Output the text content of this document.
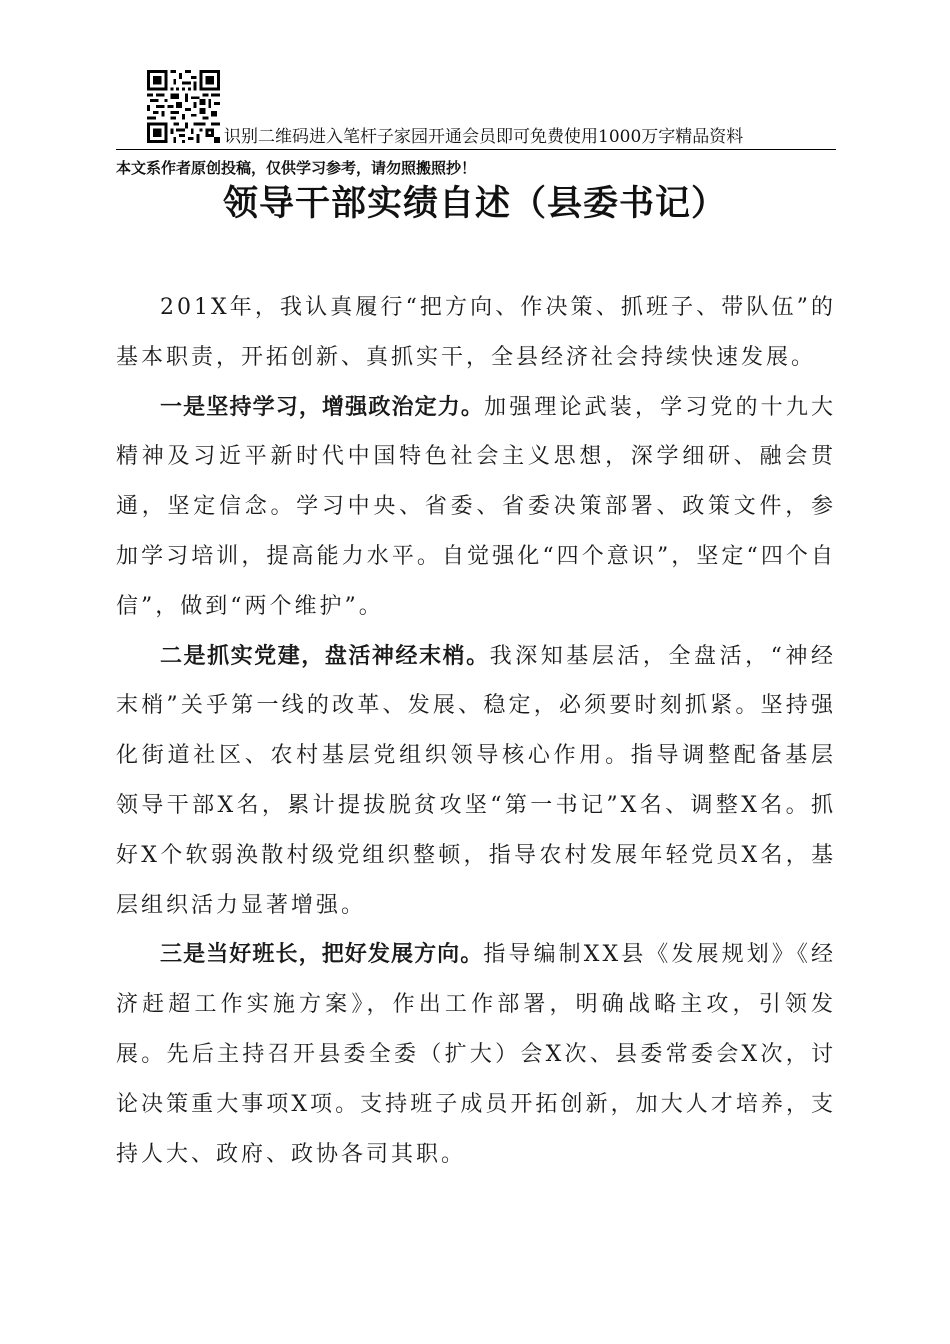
识别二维码进入笔杆子家园开通会员即可免费使用1000万字精品资料
本文系作者原创投稿，仅供学习参考，请勿照搬照抄！
领导干部实绩自述（县委书记）

201X年，我认真履行“把方向、作决策、抓班子、带队伍”的基本职责，开拓创新、真抓实干，全县经济社会持续快速发展。

一是坚持学习，增强政治定力。加强理论武装，学习党的十九大精神及习近平新时代中国特色社会主义思想，深学细研、融会贯通，坚定信念。学习中央、省委、省委决策部署、政策文件，参加学习培训，提高能力水平。自觉强化“四个意识”，坚定“四个自信”，做到“两个维护”。

二是抓实党建，盘活神经末梢。我深知基层活，全盘活，“神经末梢”关乎第一线的改革、发展、稳定，必须要时刻抓紧。坚持强化街道社区、农村基层党组织领导核心作用。指导调整配备基层领导干部X名，累计提拔脱贫攻坚“第一书记”X名、调整X名。抓好X个软弱涣散村级党组织整顿，指导农村发展年轻党员X名，基层组织活力显著增强。

三是当好班长，把好发展方向。指导编制XX县《发展规划》《经济赶超工作实施方案》，作出工作部署，明确战略主攻，引领发展。先后主持召开县委全委（扩大）会X次、县委常委会X次，讨论决策重大事项X项。支持班子成员开拓创新，加大人才培养，支持人大、政府、政协各司其职。
